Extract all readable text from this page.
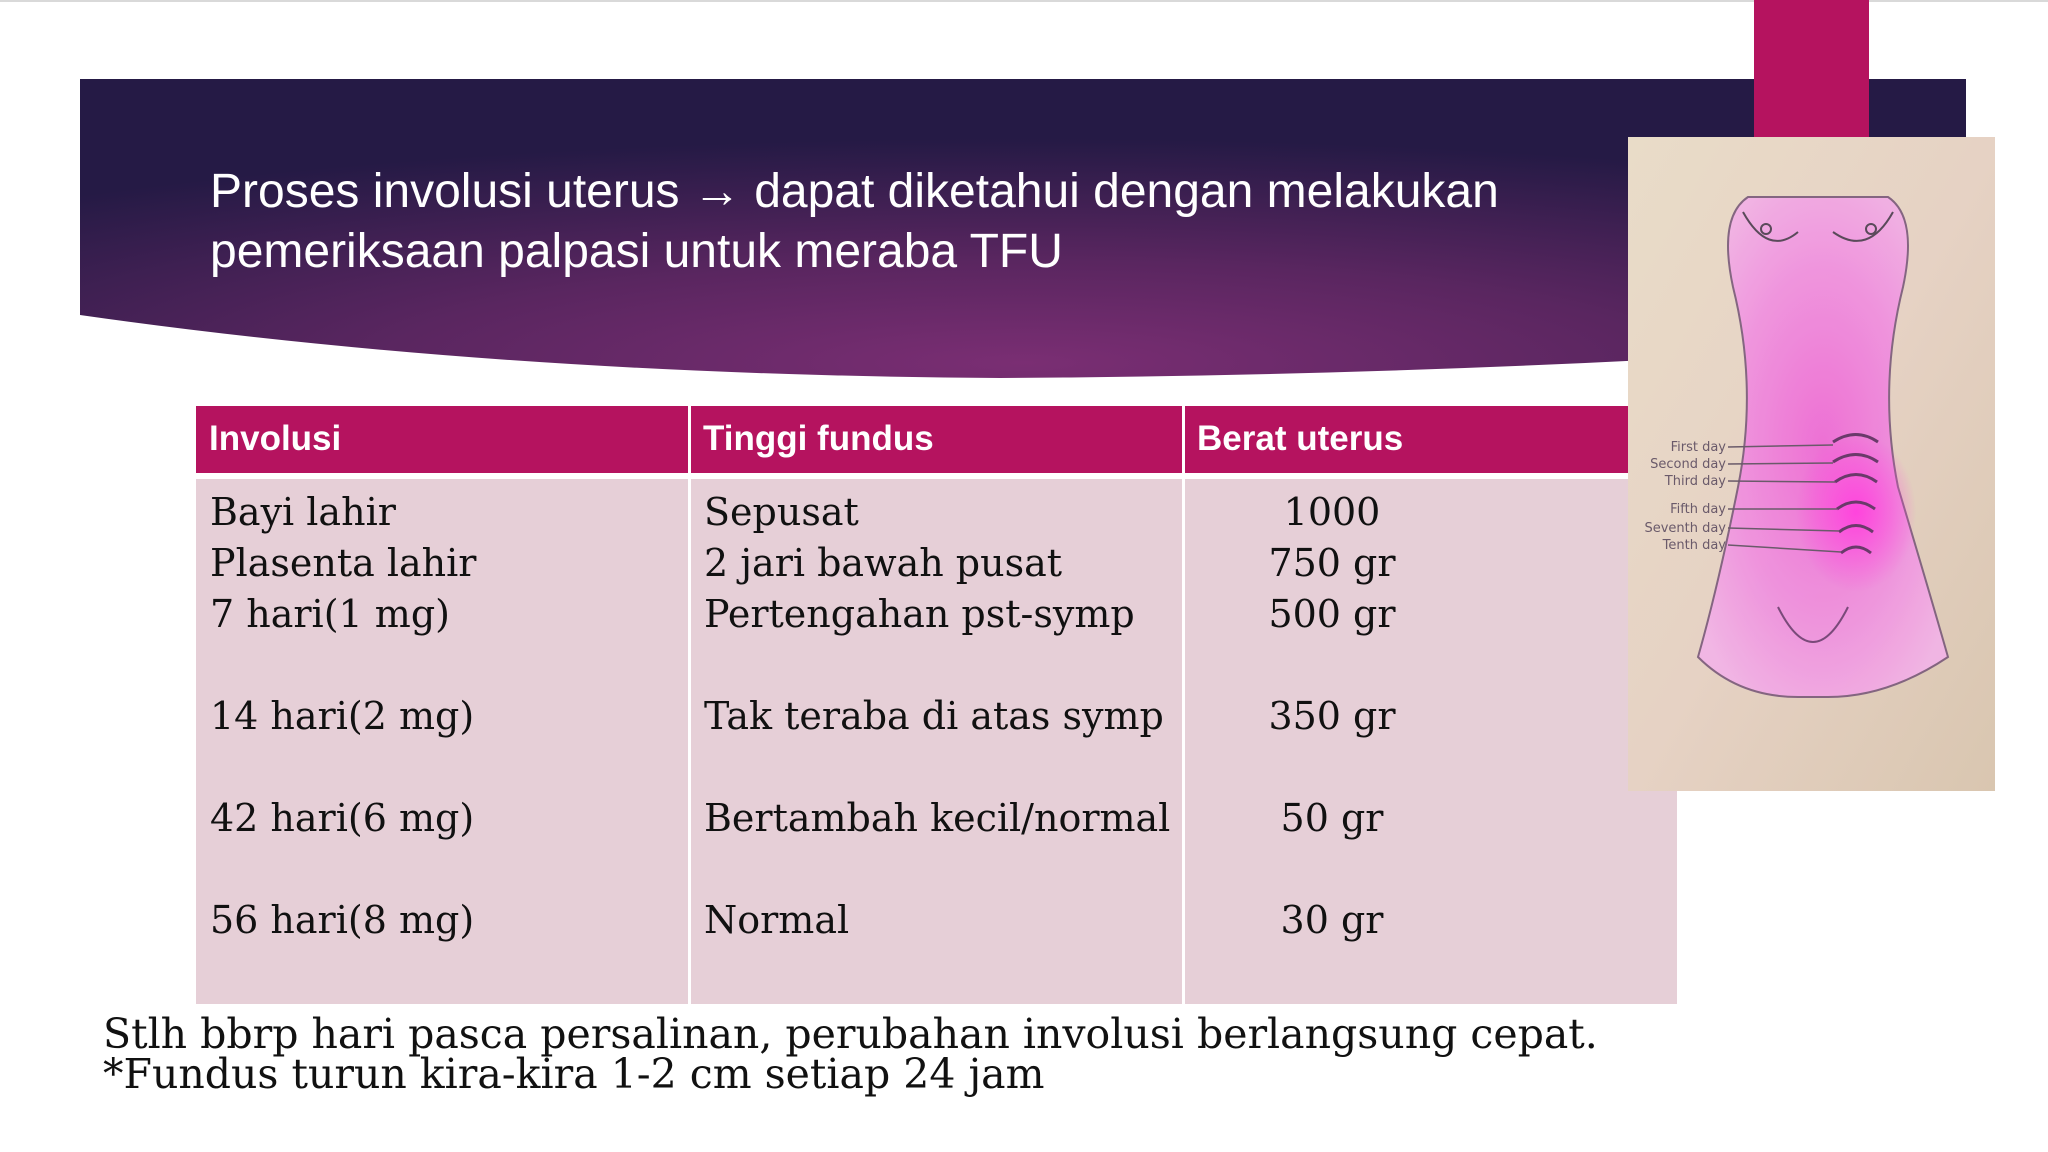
Proses involusi uterus → dapat diketahui dengan melakukan
pemeriksaan palpasi untuk meraba TFU
Involusi	Tinggi fundus	Berat uterus
Bayi lahir	Sepusat	1000
Plasenta lahir	2 jari bawah pusat	750 gr
7 hari(1 mg)	Pertengahan pst-symp	500 gr
14 hari(2 mg)	Tak teraba di atas symp	350 gr
42 hari(6 mg)	Bertambah kecil/normal	50 gr
56 hari(8 mg)	Normal	30 gr
First day
Second day
Third day
Fifth day
Seventh day
Tenth day
Stlh bbrp hari pasca persalinan, perubahan involusi berlangsung cepat.
*Fundus turun kira-kira 1-2 cm setiap 24 jam
